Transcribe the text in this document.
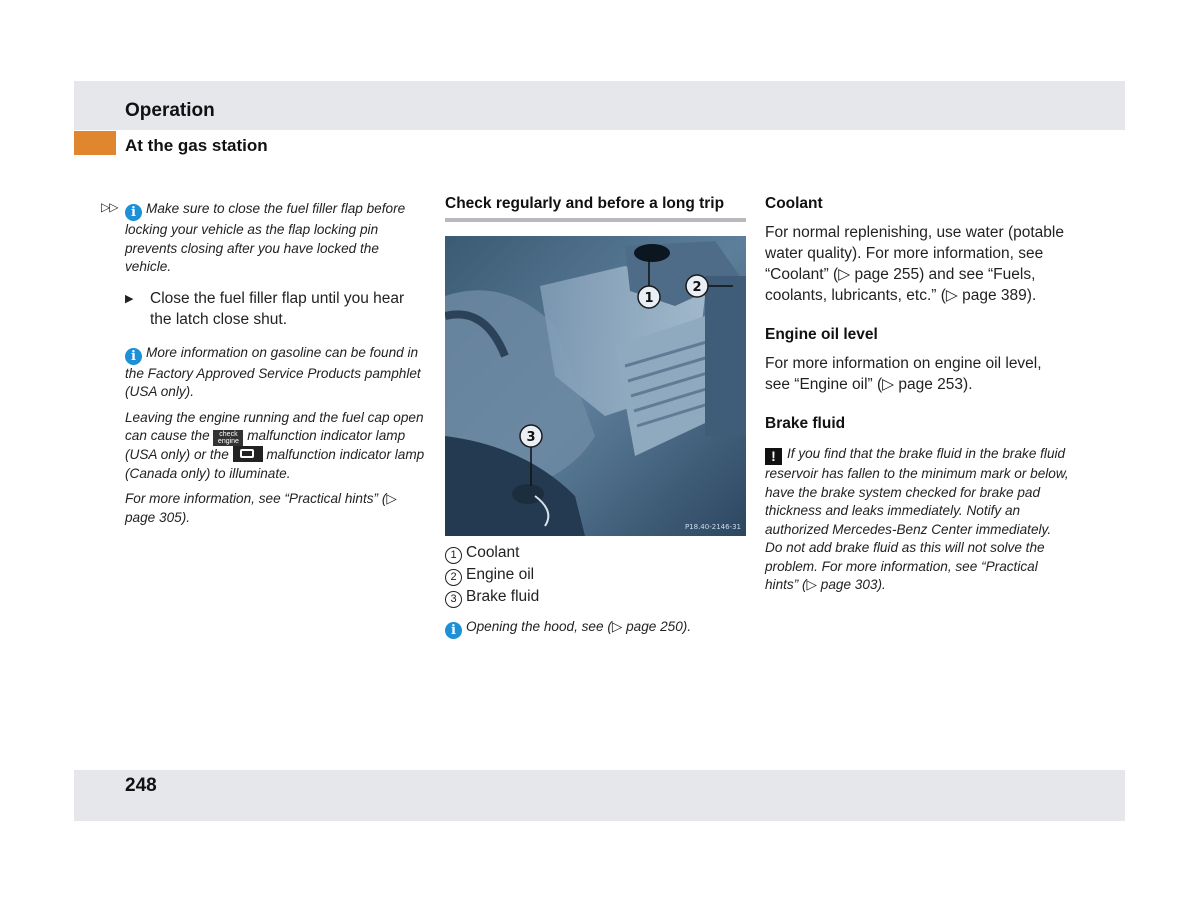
Operation
At the gas station
▷▷	i Make sure to close the fuel filler flap before locking your vehicle as the flap locking pin prevents closing after you have locked the vehicle.

▶ Close the fuel filler flap until you hear the latch close shut.

i More information on gasoline can be found in the Factory Approved Service Products pamphlet (USA only).

Leaving the engine running and the fuel cap open can cause the check engine malfunction indicator lamp (USA only) or the	malfunction indicator lamp (Canada only) to illuminate.

For more information, see “Practical hints” (▷ page 305).

Check regularly and before a long trip
1
2
3
P18.40-2146-31
1 Coolant
2 Engine oil
3 Brake fluid

i Opening the hood, see (▷ page 250).

Coolant

For normal replenishing, use water (potable water quality). For more information, see “Coolant” (▷ page 255) and see “Fuels, coolants, lubricants, etc.” (▷ page 389).

Engine oil level

For more information on engine oil level, see “Engine oil” (▷ page 253).

Brake fluid

! If you find that the brake fluid in the brake fluid reservoir has fallen to the minimum mark or below, have the brake system checked for brake pad thickness and leaks immediately. Notify an authorized Mercedes-Benz Center immediately. Do not add brake fluid as this will not solve the problem. For more information, see “Practical hints” (▷ page 303).

248
